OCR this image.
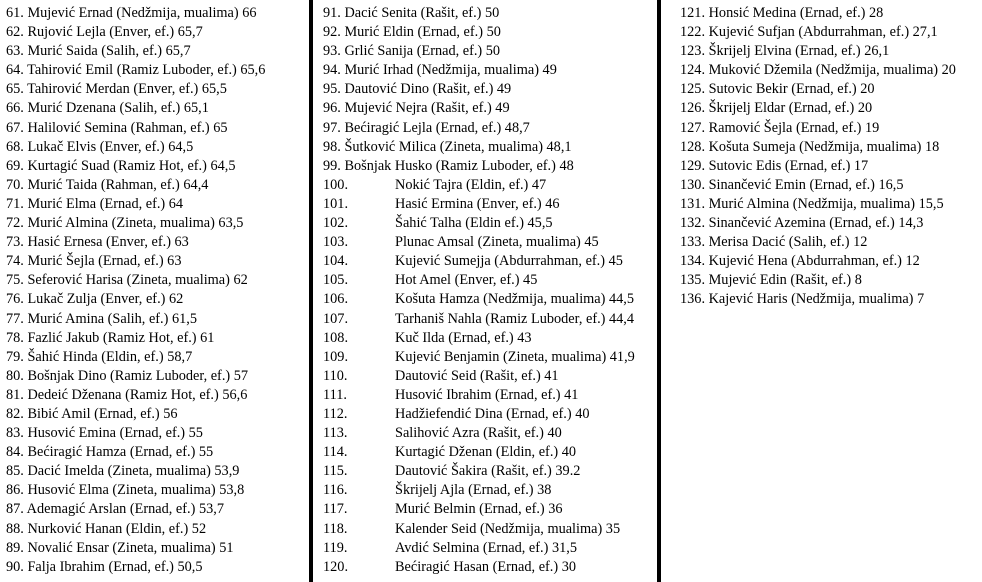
61. Mujević Ernad (Nedžmija, mualima) 66
62. Rujović Lejla (Enver, ef.) 65,7
63. Murić Saida (Salih, ef.) 65,7
64. Tahirović Emil (Ramiz Luboder, ef.) 65,6
65. Tahirović Merdan (Enver, ef.) 65,5
66. Murić Dzenana (Salih, ef.) 65,1
67. Halilović Semina (Rahman, ef.) 65
68. Lukač Elvis (Enver, ef.) 64,5
69. Kurtagić Suad (Ramiz Hot, ef.) 64,5
70. Murić Taida (Rahman, ef.) 64,4
71. Murić Elma (Ernad, ef.) 64
72. Murić Almina (Zineta, mualima) 63,5
73. Hasić Ernesa (Enver, ef.) 63
74. Murić Šejla (Ernad, ef.) 63
75. Seferović Harisa (Zineta, mualima) 62
76. Lukač Zulja (Enver, ef.) 62
77. Murić Amina (Salih, ef.) 61,5
78. Fazlić Jakub (Ramiz Hot, ef.) 61
79. Šahić Hinda (Eldin, ef.) 58,7
80. Bošnjak Dino (Ramiz Luboder, ef.) 57
81. Dedeić Dženana (Ramiz Hot, ef.) 56,6
82. Bibić Amil (Ernad, ef.) 56
83. Husović Emina (Ernad, ef.) 55
84. Bećiragić Hamza (Ernad, ef.) 55
85. Dacić Imelda (Zineta, mualima) 53,9
86. Husović Elma (Zineta, mualima) 53,8
87. Ademagić Arslan (Ernad, ef.) 53,7
88. Nurković Hanan (Eldin, ef.) 52
89. Novalić Ensar (Zineta, mualima) 51
90. Falja Ibrahim (Ernad, ef.) 50,5
91. Dacić Senita (Rašit, ef.) 50
92. Murić Eldin (Ernad, ef.) 50
93. Grlić Sanija (Ernad, ef.) 50
94. Murić Irhad (Nedžmija, mualima) 49
95. Dautović Dino (Rašit, ef.) 49
96. Mujević Nejra (Rašit, ef.) 49
97. Bećiragić Lejla (Ernad, ef.) 48,7
98. Šutković Milica (Zineta, mualima) 48,1
99. Bošnjak Husko (Ramiz Luboder, ef.) 48
100.	Nokić Tajra (Eldin, ef.) 47
101.	Hasić Ermina (Enver, ef.) 46
102.	Šahić Talha (Eldin ef.) 45,5
103.	Plunac Amsal (Zineta, mualima) 45
104.	Kujević Sumejja (Abdurrahman, ef.) 45
105.	Hot Amel (Enver, ef.) 45
106.	Košuta Hamza (Nedžmija, mualima) 44,5
107.	Tarhaniš Nahla (Ramiz Luboder, ef.) 44,4
108.	Kuč Ilda (Ernad, ef.) 43
109.	Kujević Benjamin (Zineta, mualima) 41,9
110.	Dautović Seid (Rašit, ef.) 41
111.	Husović Ibrahim (Ernad, ef.) 41
112.	Hadžiefendić Dina (Ernad, ef.) 40
113.	Salihović Azra (Rašit, ef.) 40
114.	Kurtagić Dženan (Eldin, ef.) 40
115.	Dautović Šakira (Rašit, ef.) 39.2
116.	Škrijelj Ajla (Ernad, ef.) 38
117.	Murić Belmin (Ernad, ef.) 36
118.	Kalender Seid (Nedžmija, mualima) 35
119.	Avdić Selmina (Ernad, ef.) 31,5
120.	Bećiragić Hasan (Ernad, ef.) 30
121. Honsić Medina (Ernad, ef.) 28
122. Kujević Sufjan (Abdurrahman, ef.) 27,1
123. Škrijelj Elvina (Ernad, ef.) 26,1
124. Muković Džemila (Nedžmija, mualima) 20
125. Sutovic Bekir (Ernad, ef.) 20
126. Škrijelj Eldar (Ernad, ef.) 20
127. Ramović Šejla (Ernad, ef.) 19
128. Košuta Sumeja (Nedžmija, mualima) 18
129. Sutovic Edis (Ernad, ef.) 17
130. Sinančević Emin (Ernad, ef.) 16,5
131. Murić Almina (Nedžmija, mualima) 15,5
132. Sinančević Azemina (Ernad, ef.) 14,3
133. Merisa Dacić (Salih, ef.) 12
134. Kujević Hena (Abdurrahman, ef.) 12
135. Mujević Edin (Rašit, ef.) 8
136. Kajević Haris (Nedžmija, mualima) 7
